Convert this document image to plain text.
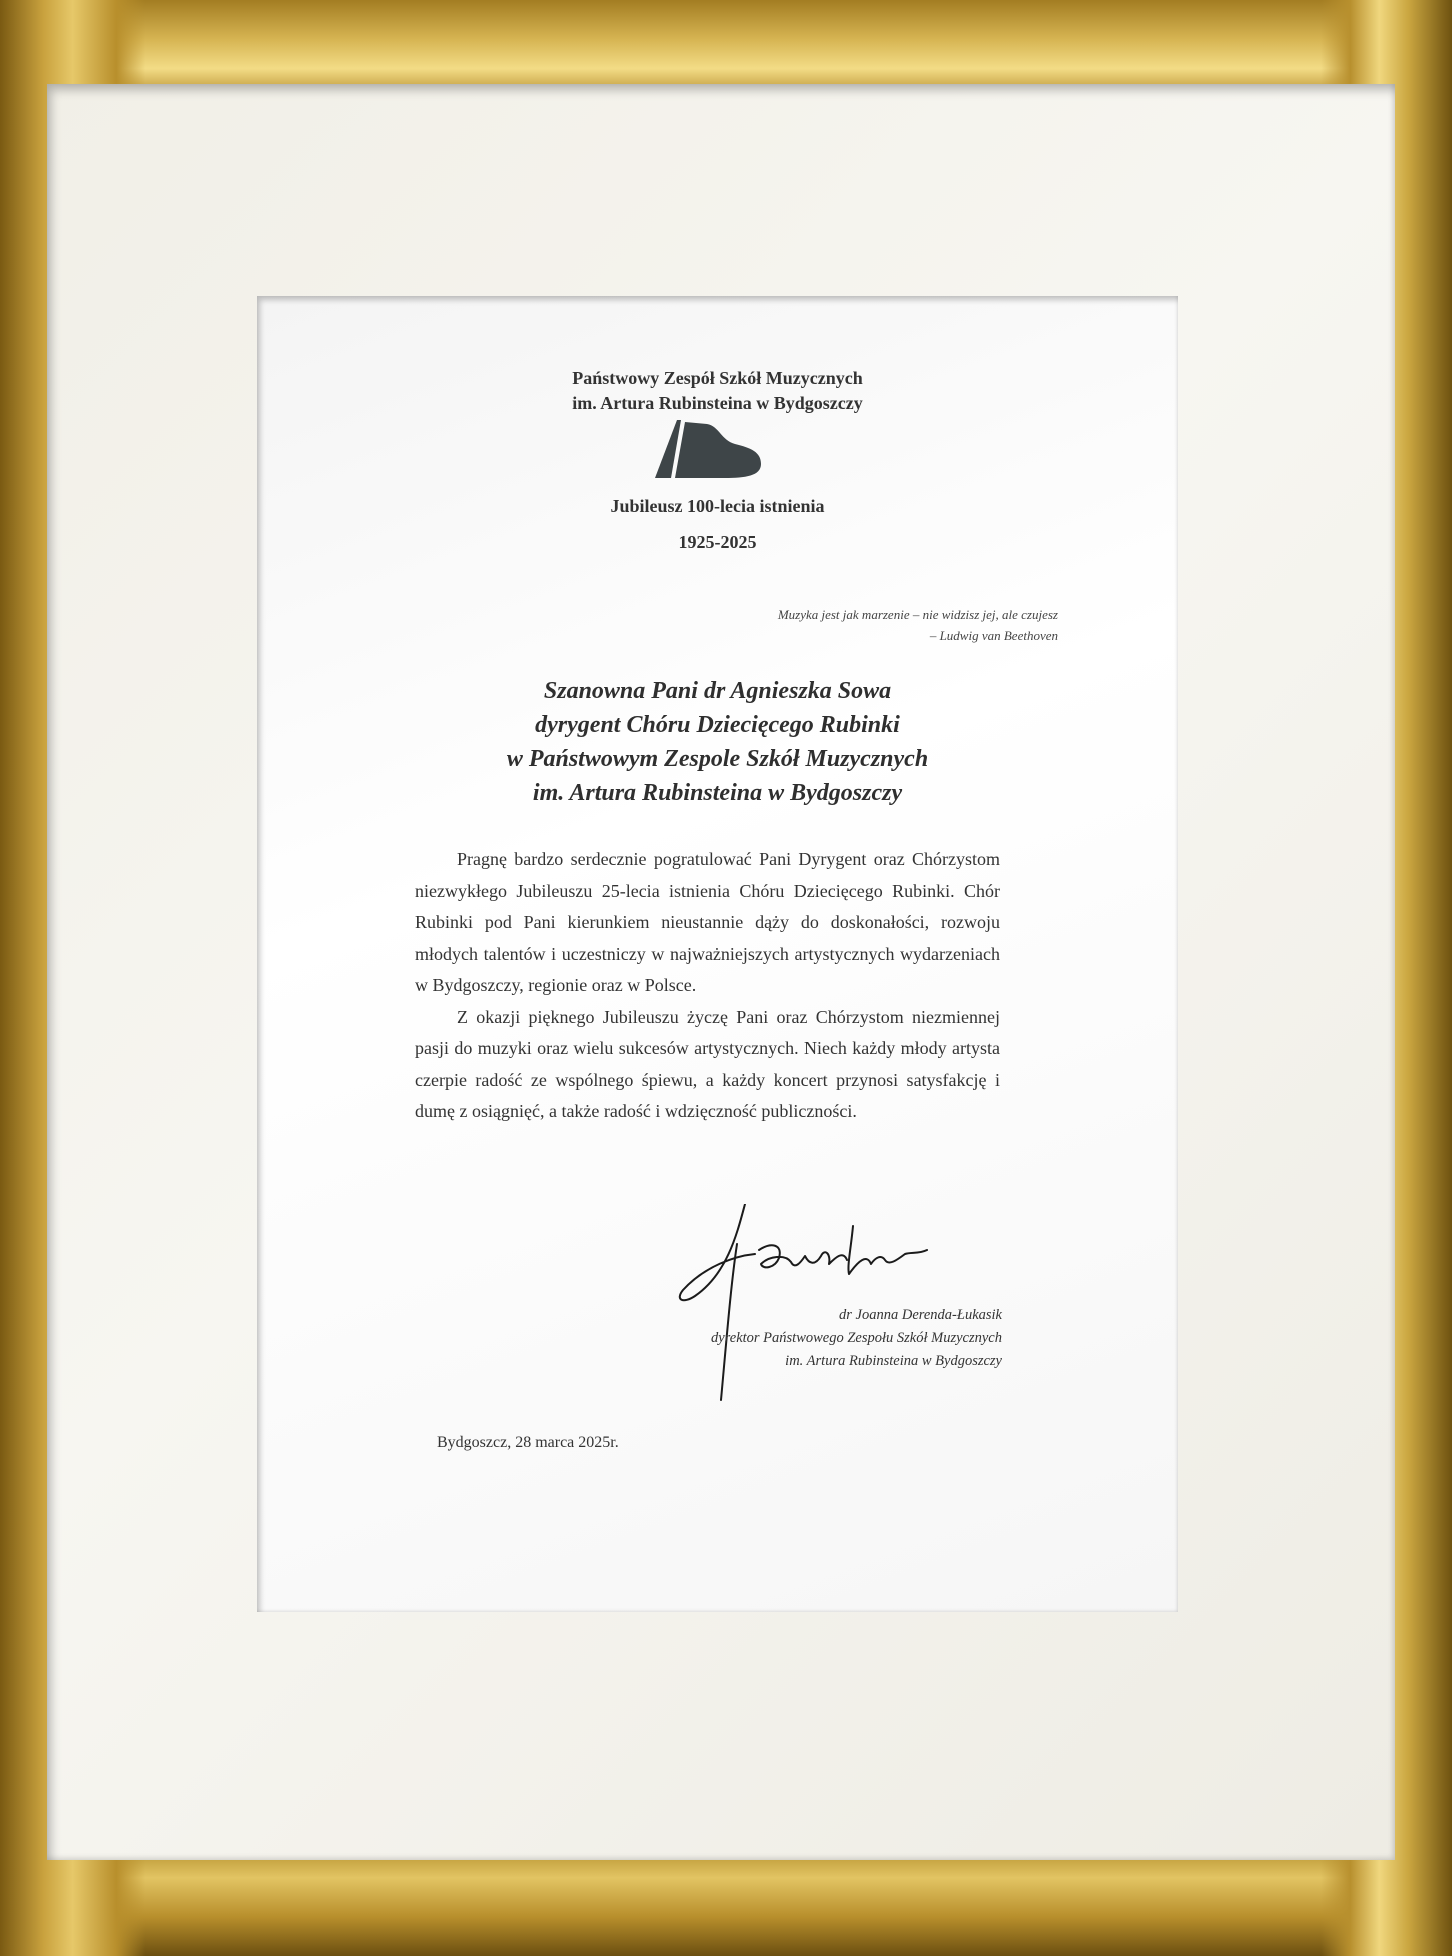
Państwowy Zespół Szkół Muzycznych
im. Artura Rubinsteina w Bydgoszczy
Jubileusz 100-lecia istnienia
1925-2025
Muzyka jest jak marzenie – nie widzisz jej, ale czujesz
– Ludwig van Beethoven
Szanowna Pani dr Agnieszka Sowa
dyrygent Chóru Dziecięcego Rubinki
w Państwowym Zespole Szkół Muzycznych
im. Artura Rubinsteina w Bydgoszczy

Pragnę bardzo serdecznie pogratulować Pani Dyrygent oraz Chórzystom niezwykłego Jubileuszu 25-lecia istnienia Chóru Dziecięcego Rubinki. Chór Rubinki pod Pani kierunkiem nieustannie dąży do doskonałości, rozwoju młodych talentów i uczestniczy w najważniejszych artystycznych wydarzeniach w Bydgoszczy, regionie oraz w Polsce.

Z okazji pięknego Jubileuszu życzę Pani oraz Chórzystom niezmiennej pasji do muzyki oraz wielu sukcesów artystycznych. Niech każdy młody artysta czerpie radość ze wspólnego śpiewu, a każdy koncert przynosi satysfakcję i dumę z osiągnięć, a także radość i wdzięczność publiczności.

dr Joanna Derenda-Łukasik
dyrektor Państwowego Zespołu Szkół Muzycznych
im. Artura Rubinsteina w Bydgoszczy
Bydgoszcz, 28 marca 2025r.
